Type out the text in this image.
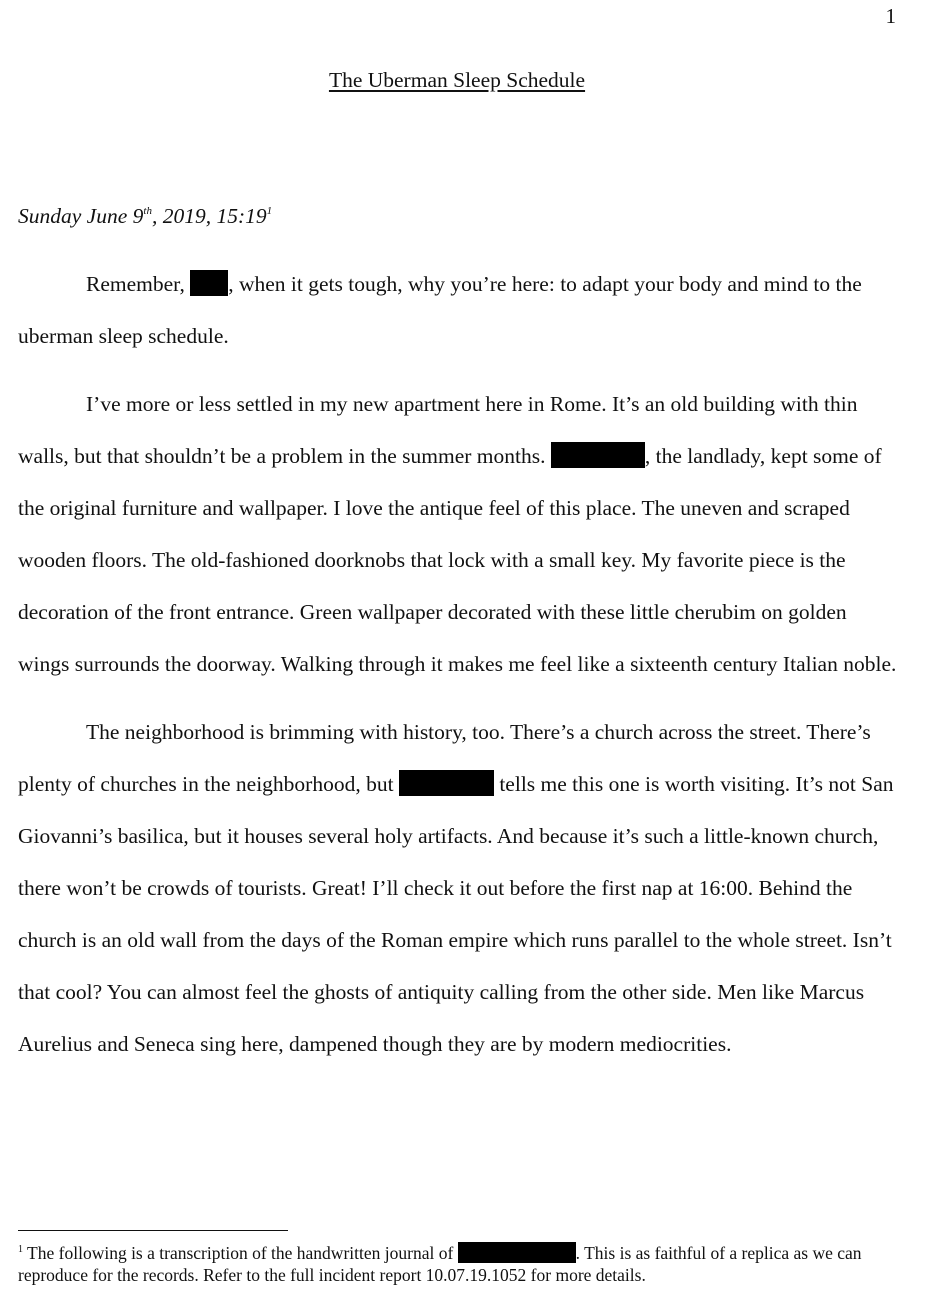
1
The Uberman Sleep Schedule
Sunday June 9th, 2019, $15:19^1$

Remember, , when it gets tough, why you’re here: to adapt your body and mind to the uberman sleep schedule.

I’ve more or less settled in my new apartment here in Rome. It’s an old building with thin walls, but that shouldn’t be a problem in the summer months.	, the landlady, kept some of the original furniture and wallpaper. I love the antique feel of this place. The uneven and scraped wooden floors. The old-fashioned doorknobs that lock with a small key. My favorite piece is the decoration of the front entrance. Green wallpaper decorated with these little cherubim on golden wings surrounds the doorway. Walking through it makes me feel like a sixteenth century Italian noble.

The neighborhood is brimming with history, too. There’s a church across the street. There’s plenty of churches in the neighborhood, but	tells me this one is worth visiting. It’s not San Giovanni’s basilica, but it houses several holy artifacts. And because it’s such a little-known church, there won’t be crowds of tourists. Great! I’ll check it out before the first nap at 16:00. Behind the church is an old wall from the days of the Roman empire which runs parallel to the whole street. Isn’t that cool? You can almost feel the ghosts of antiquity calling from the other side. Men like Marcus Aurelius and Seneca sing here, dampened though they are by modern mediocrities.

$^1$ The following is a transcription of the handwritten journal of	. This is as faithful of a replica as we can reproduce for the records. Refer to the full incident report 10.07.19.1052 for more details.
